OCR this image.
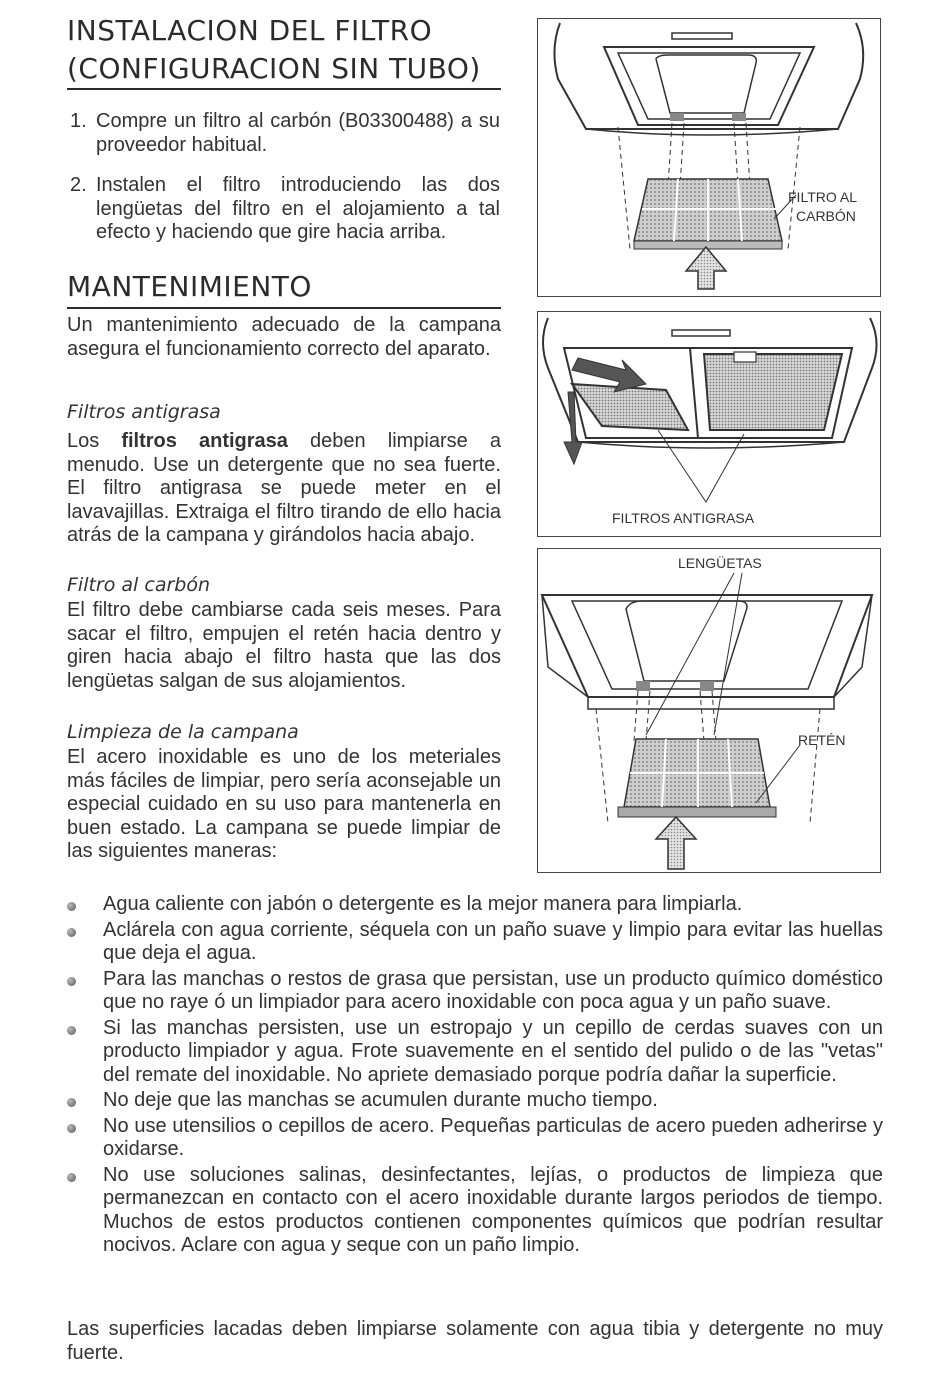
INSTALACION DEL FILTRO
(CONFIGURACION SIN TUBO)
1. Compre un filtro al carbón (B03300488) a su proveedor habitual.
2. Instalen el filtro introduciendo las dos lengüetas del filtro en el alojamiento a tal efecto y haciendo que gire hacia arriba.
MANTENIMIENTO
Un mantenimiento adecuado de la campana asegura el funcionamiento correcto del aparato.
Filtros antigrasa
Los filtros antigrasa deben limpiarse a menudo. Use un detergente que no sea fuerte. El filtro antigrasa se puede meter en el lavavajillas. Extraiga el filtro tirando de ello hacia atrás de la campana y girándolos hacia abajo.
Filtro al carbón
El filtro debe cambiarse cada seis meses. Para sacar el filtro, empujen el retén hacia dentro y giren hacia abajo el filtro hasta que las dos lengüetas salgan de sus alojamientos.
Limpieza de la campana
El acero inoxidable es uno de los meteriales más fáciles de limpiar, pero sería aconsejable un especial cuidado en su uso para mantenerla en buen estado. La campana se puede limpiar de las siguientes maneras:
Agua caliente con jabón o detergente es la mejor manera para limpiarla.
Aclárela con agua corriente, séquela con un paño suave y limpio para evitar las huellas que deja el agua.
Para las manchas o restos de grasa que persistan, use un producto químico doméstico que no raye ó un limpiador para acero inoxidable con poca agua y un paño suave.
Si las manchas persisten, use un estropajo y un cepillo de cerdas suaves con un producto limpiador y agua. Frote suavemente en el sentido del pulido o de las "vetas" del remate del inoxidable. No apriete demasiado porque podría dañar la superficie.
No deje que las manchas se acumulen durante mucho tiempo.
No use utensilios o cepillos de acero. Pequeñas particulas de acero pueden adherirse y oxidarse.
No use soluciones salinas, desinfectantes, lejías, o productos de limpieza que permanezcan en contacto con el acero inoxidable durante largos periodos de tiempo. Muchos de estos productos contienen componentes químicos que podrían resultar nocivos. Aclare con agua y seque con un paño limpio.
Las superficies lacadas deben limpiarse solamente con agua tibia y detergente no muy fuerte.
FILTRO AL
CARBÓN
FILTROS ANTIGRASA
LENGÜETAS
RETÉN
